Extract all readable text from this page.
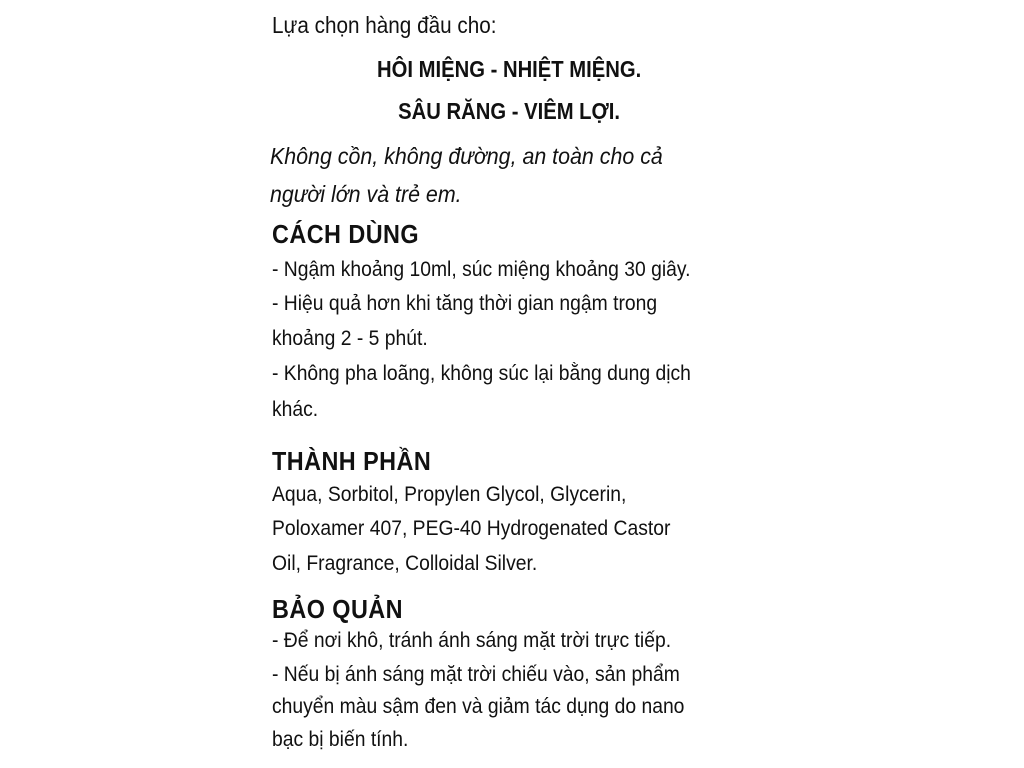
Lựa chọn hàng đầu cho:
HÔI MIỆNG - NHIỆT MIỆNG.
SÂU RĂNG - VIÊM LỢI.
Không cồn, không đường, an toàn cho cả
người lớn và trẻ em.
CÁCH DÙNG
- Ngậm khoảng 10ml, súc miệng khoảng 30 giây.
- Hiệu quả hơn khi tăng thời gian ngậm trong
khoảng 2 - 5 phút.
- Không pha loãng, không súc lại bằng dung dịch
khác.
THÀNH PHẦN
Aqua, Sorbitol, Propylen Glycol, Glycerin,
Poloxamer 407, PEG-40 Hydrogenated Castor
Oil, Fragrance, Colloidal Silver.
BẢO QUẢN
- Để nơi khô, tránh ánh sáng mặt trời trực tiếp.
- Nếu bị ánh sáng mặt trời chiếu vào, sản phẩm
chuyển màu sậm đen và giảm tác dụng do nano
bạc bị biến tính.
